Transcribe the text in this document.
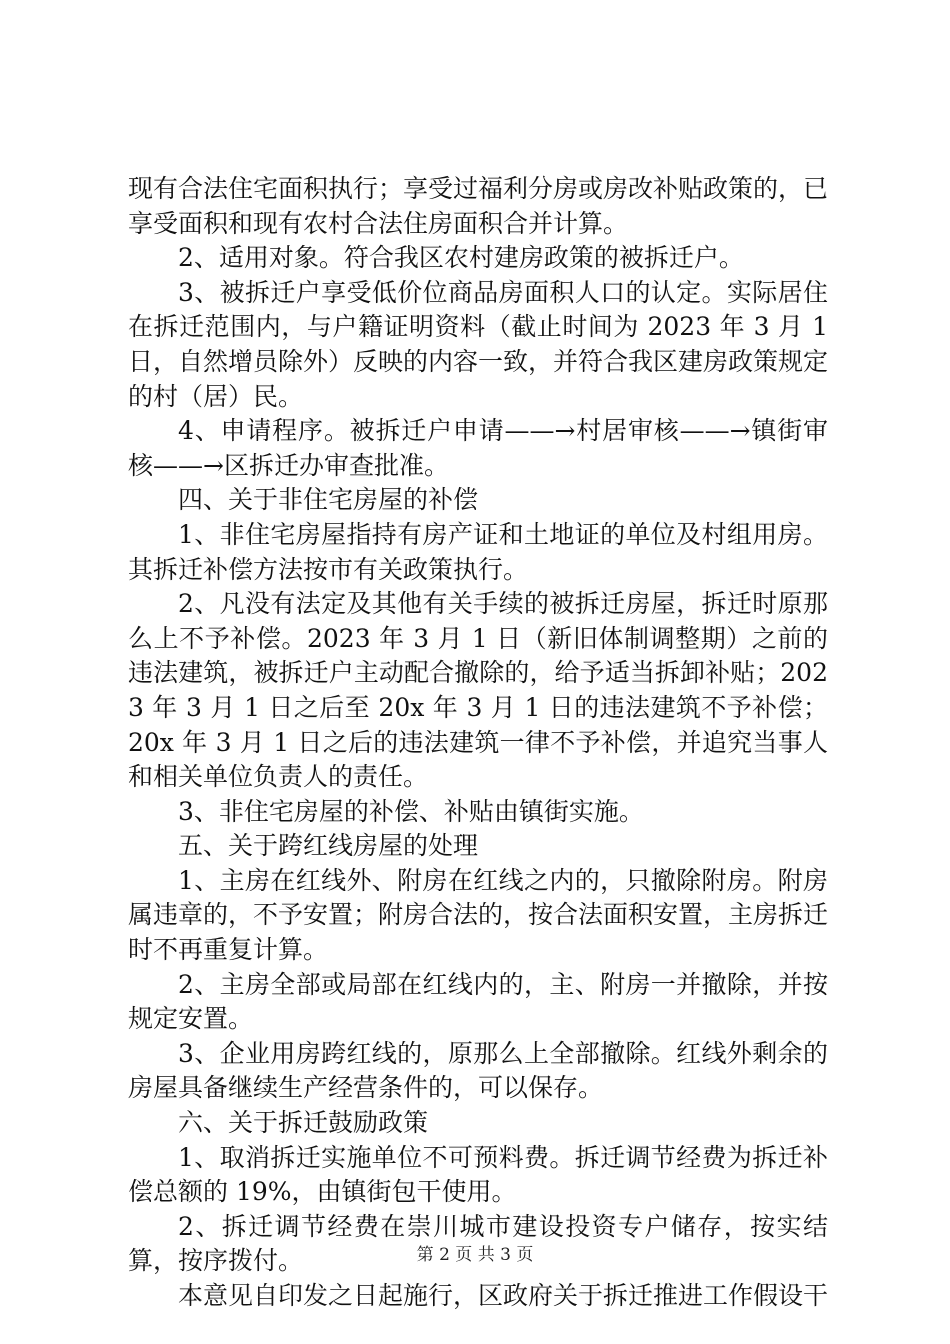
现有合法住宅面积执行；享受过福利分房或房改补贴政策的，已享受面积和现有农村合法住房面积合并计算。

2、适用对象。符合我区农村建房政策的被拆迁户。

3、被拆迁户享受低价位商品房面积人口的认定。实际居住在拆迁范围内，与户籍证明资料（截止时间为 2023 年 3 月 1 日，自然增员除外）反映的内容一致，并符合我区建房政策规定的村（居）民。

4、申请程序。被拆迁户申请——→村居审核——→镇街审核——→区拆迁办审查批准。

四、关于非住宅房屋的补偿

1、非住宅房屋指持有房产证和土地证的单位及村组用房。其拆迁补偿方法按市有关政策执行。

2、凡没有法定及其他有关手续的被拆迁房屋，拆迁时原那么上不予补偿。2023 年 3 月 1 日（新旧体制调整期）之前的违法建筑，被拆迁户主动配合撤除的，给予适当拆卸补贴；2023 年 3 月 1 日之后至 20x 年 3 月 1 日的违法建筑不予补偿；20x 年 3 月 1 日之后的违法建筑一律不予补偿，并追究当事人和相关单位负责人的责任。

3、非住宅房屋的补偿、补贴由镇街实施。

五、关于跨红线房屋的处理

1、主房在红线外、附房在红线之内的，只撤除附房。附房属违章的，不予安置；附房合法的，按合法面积安置，主房拆迁时不再重复计算。

2、主房全部或局部在红线内的，主、附房一并撤除，并按规定安置。

3、企业用房跨红线的，原那么上全部撤除。红线外剩余的房屋具备继续生产经营条件的，可以保存。

六、关于拆迁鼓励政策

1、取消拆迁实施单位不可预料费。拆迁调节经费为拆迁补偿总额的 19%，由镇街包干使用。

2、拆迁调节经费在崇川城市建设投资专户储存，按实结算，按序拨付。

本意见自印发之日起施行，区政府关于拆迁推进工作假设干

第 2 页 共 3 页
